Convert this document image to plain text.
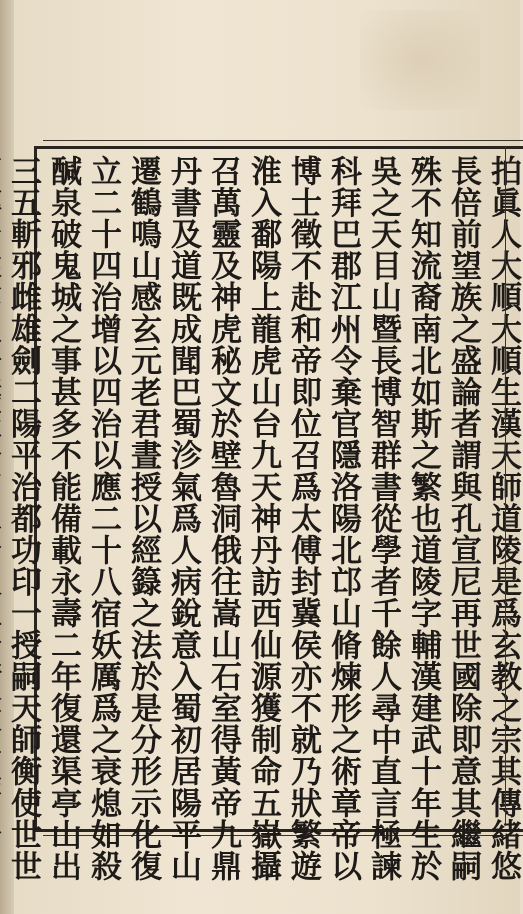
拍眞人大順大順生漢天師道陵是爲玄教之宗其傳緒悠
長倍前望族之盛論者謂與孔宣尼再世國除即意其繼嗣
殊不知流裔南北如斯之繁也道陵字輔漢建武十年生於
吳之天目山暨長博智群書從學者千餘人尋中直言極諫
科拜巴郡江州令棄官隱洛陽北邙山脩煉形之術章帝以
博士徵不赴和帝即位召爲太傅封冀侯亦不就乃狀繁遊
淮入鄱陽上龍虎山台九天神丹訪西仙源獲制命五嶽攝
召萬靈及神虎秘文於壁魯洞俄往嵩山石室得黃帝九鼎
丹書及道既成聞巴蜀沴氣爲人病銳意入蜀初居陽平山
遷鶴鳴山感玄元老君晝授以經籙之法於是分形示化復
立二十四治增以四治以應二十八宿妖厲爲之衰熄如殺
醎泉破鬼城之事甚多不能備載永壽二年復還渠亭山出
三五斬邪雌雄劍二陽平治都功印一授嗣天師衡使世世
